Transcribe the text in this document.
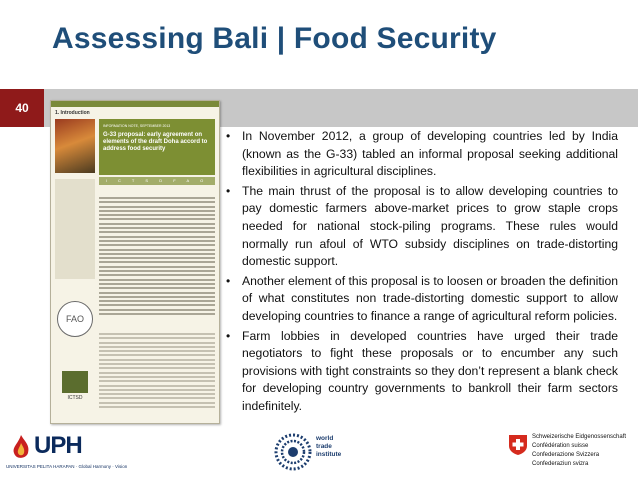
Assessing Bali | Food Security
40	1. Introduction
INFORMATION NOTE, SEPTEMBER 2013
G-33 proposal: early agreement on elements of the draft Doha accord to address food security
I C T S D F A O
FAO
ICTSD
• In November 2012, a group of developing countries led by India (known as the G-33) tabled an informal proposal seeking additional flexibilities in agricultural disciplines.
• The main thrust of the proposal is to allow developing countries to pay domestic farmers above-market prices to grow staple crops needed for national stock-piling programs. These rules would normally run afoul of WTO subsidy disciplines on trade-distorting domestic support.
• Another element of this proposal is to loosen or broaden the definition of what constitutes non trade-distorting domestic support to allow developing countries to finance a range of agricultural reform policies.
• Farm lobbies in developed countries have urged their trade negotiators to fight these proposals or to encumber any such provisions with tight constraints so they don’t represent a blank check for developing country governments to bankroll their farm sectors indefinitely.
UPH
UNIVERSITAS PELITA HARAPAN · Global Harmony · Vision
world
trade
institute
Schweizerische Eidgenossenschaft
Confédération suisse
Confederazione Svizzera
Confederaziun svizra
